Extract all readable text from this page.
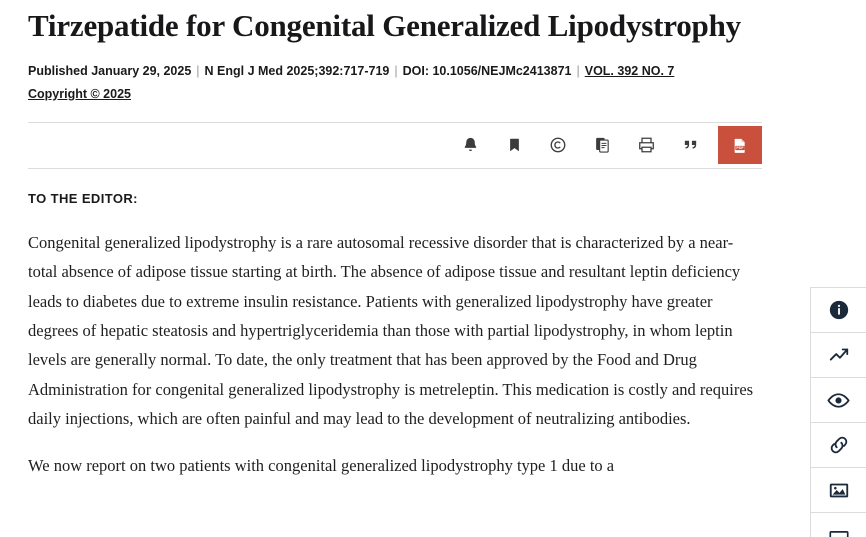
Tirzepatide for Congenital Generalized Lipodystrophy
Published January 29, 2025 | N Engl J Med 2025;392:717-719 | DOI: 10.1056/NEJMc2413871 | VOL. 392 NO. 7
Copyright © 2025
PDF
TO THE EDITOR:

Congenital generalized lipodystrophy is a rare autosomal recessive disorder that is characterized by a near-total absence of adipose tissue starting at birth. The absence of adipose tissue and resultant leptin deficiency leads to diabetes due to extreme insulin resistance. Patients with generalized lipodystrophy have greater degrees of hepatic steatosis and hypertriglyceridemia than those with partial lipodystrophy, in whom leptin levels are generally normal. To date, the only treatment that has been approved by the Food and Drug Administration for congenital generalized lipodystrophy is metreleptin. This medication is costly and requires daily injections, which are often painful and may lead to the development of neutralizing antibodies.

We now report on two patients with congenital generalized lipodystrophy type 1 due to a
